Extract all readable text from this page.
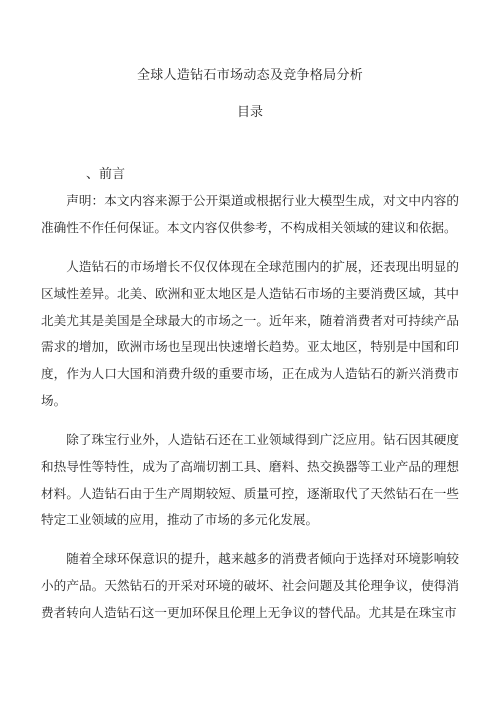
全球人造钻石市场动态及竞争格局分析
目录
、前言

声明：本文内容来源于公开渠道或根据行业大模型生成，对文中内容的准确性不作任何保证。本文内容仅供参考，不构成相关领域的建议和依据。

人造钻石的市场增长不仅仅体现在全球范围内的扩展，还表现出明显的区域性差异。北美、欧洲和亚太地区是人造钻石市场的主要消费区域，其中北美尤其是美国是全球最大的市场之一。近年来，随着消费者对可持续产品需求的增加，欧洲市场也呈现出快速增长趋势。亚太地区，特别是中国和印度，作为人口大国和消费升级的重要市场，正在成为人造钻石的新兴消费市场。

除了珠宝行业外，人造钻石还在工业领域得到广泛应用。钻石因其硬度和热导性等特性，成为了高端切割工具、磨料、热交换器等工业产品的理想材料。人造钻石由于生产周期较短、质量可控，逐渐取代了天然钻石在一些特定工业领域的应用，推动了市场的多元化发展。

随着全球环保意识的提升，越来越多的消费者倾向于选择对环境影响较小的产品。天然钻石的开采对环境的破坏、社会问题及其伦理争议，使得消费者转向人造钻石这一更加环保且伦理上无争议的替代品。尤其是在珠宝市
